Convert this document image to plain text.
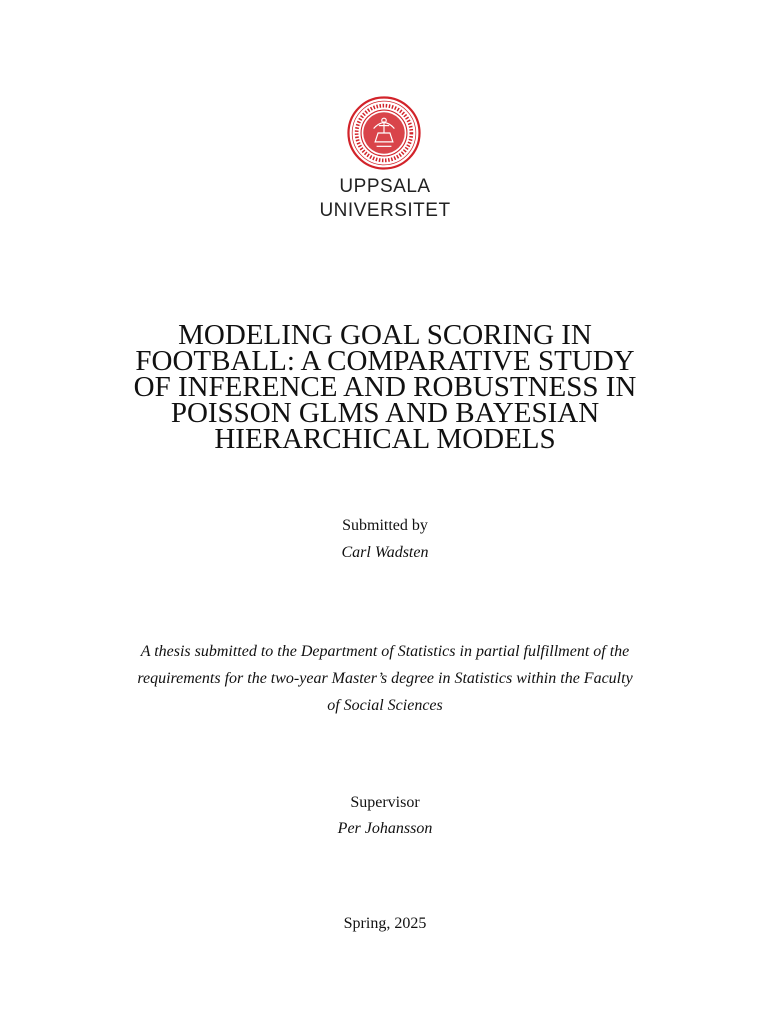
UPPSALA
UNIVERSITET
MODELING GOAL SCORING IN
FOOTBALL: A COMPARATIVE STUDY
OF INFERENCE AND ROBUSTNESS IN
POISSON GLMS AND BAYESIAN
HIERARCHICAL MODELS
Submitted by
Carl Wadsten
A thesis submitted to the Department of Statistics in partial fulfillment of the
requirements for the two-year Master’s degree in Statistics within the Faculty
of Social Sciences
Supervisor
Per Johansson
Spring, 2025
